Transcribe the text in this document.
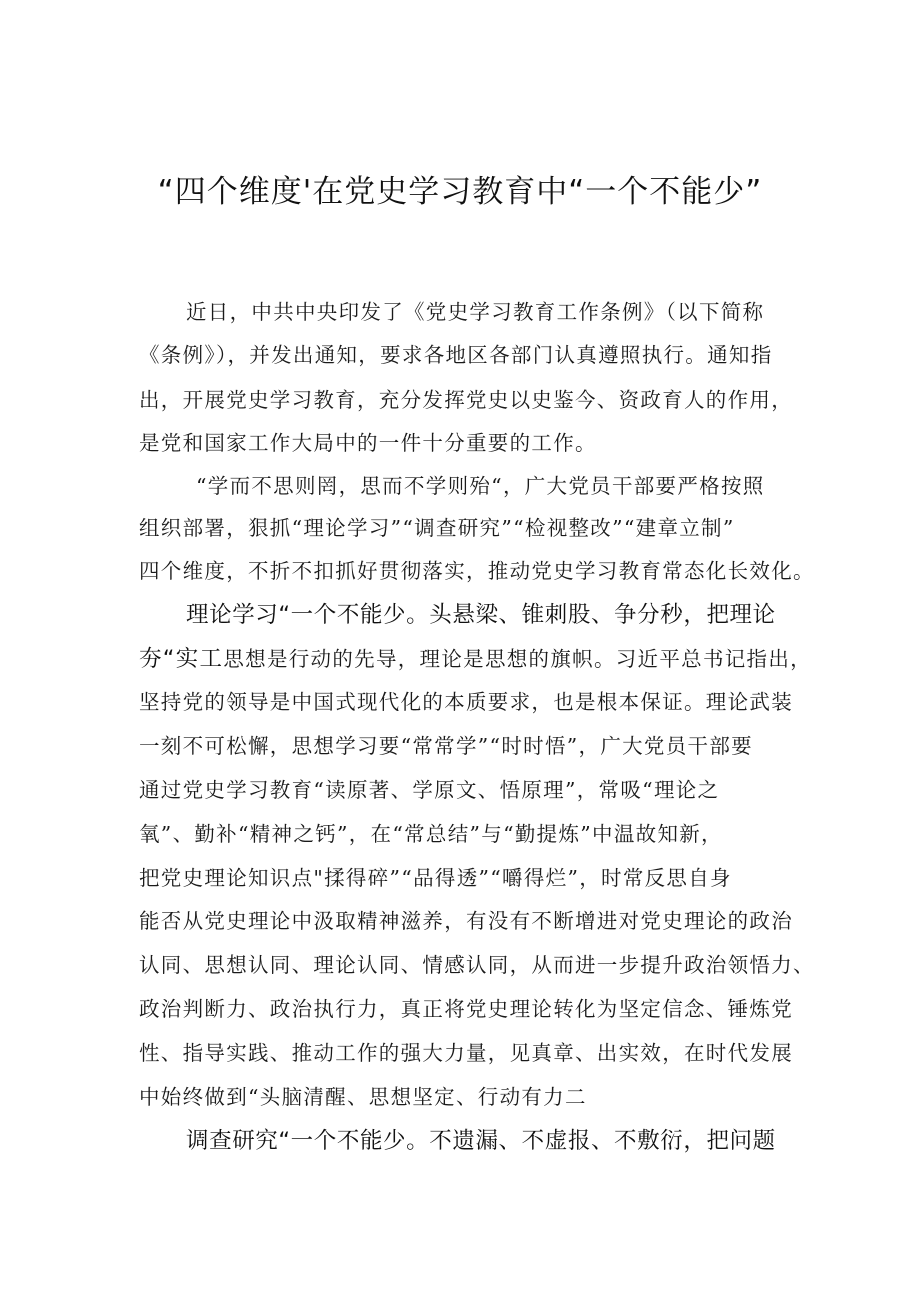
“四个维度'在党史学习教育中“一个不能少”
近日，中共中央印发了《党史学习教育工作条例》（以下简称
《条例》），并发出通知，要求各地区各部门认真遵照执行。通知指
出，开展党史学习教育，充分发挥党史以史鉴今、资政育人的作用，
是党和国家工作大局中的一件十分重要的工作。
“学而不思则罔，思而不学则殆“，广大党员干部要严格按照
组织部署，狠抓“理论学习”“调查研究”“检视整改”“建章立制”
四个维度，不折不扣抓好贯彻落实，推动党史学习教育常态化长效化。
理论学习“一个不能少。头悬梁、锥刺股、争分秒，把理论
夯“实工思想是行动的先导，理论是思想的旗帜。习近平总书记指出，
坚持党的领导是中国式现代化的本质要求，也是根本保证。理论武装
一刻不可松懈，思想学习要“常常学”“时时悟”，广大党员干部要
通过党史学习教育“读原著、学原文、悟原理”，常吸“理论之
氧”、勤补“精神之钙”，在“常总结”与“勤提炼”中温故知新，
把党史理论知识点"揉得碎”“品得透”“嚼得烂”，时常反思自身
能否从党史理论中汲取精神滋养，有没有不断增进对党史理论的政治
认同、思想认同、理论认同、情感认同，从而进一步提升政治领悟力、
政治判断力、政治执行力，真正将党史理论转化为坚定信念、锤炼党
性、指导实践、推动工作的强大力量，见真章、出实效，在时代发展
中始终做到“头脑清醒、思想坚定、行动有力二
调查研究“一个不能少。不遗漏、不虚报、不敷衍，把问题
